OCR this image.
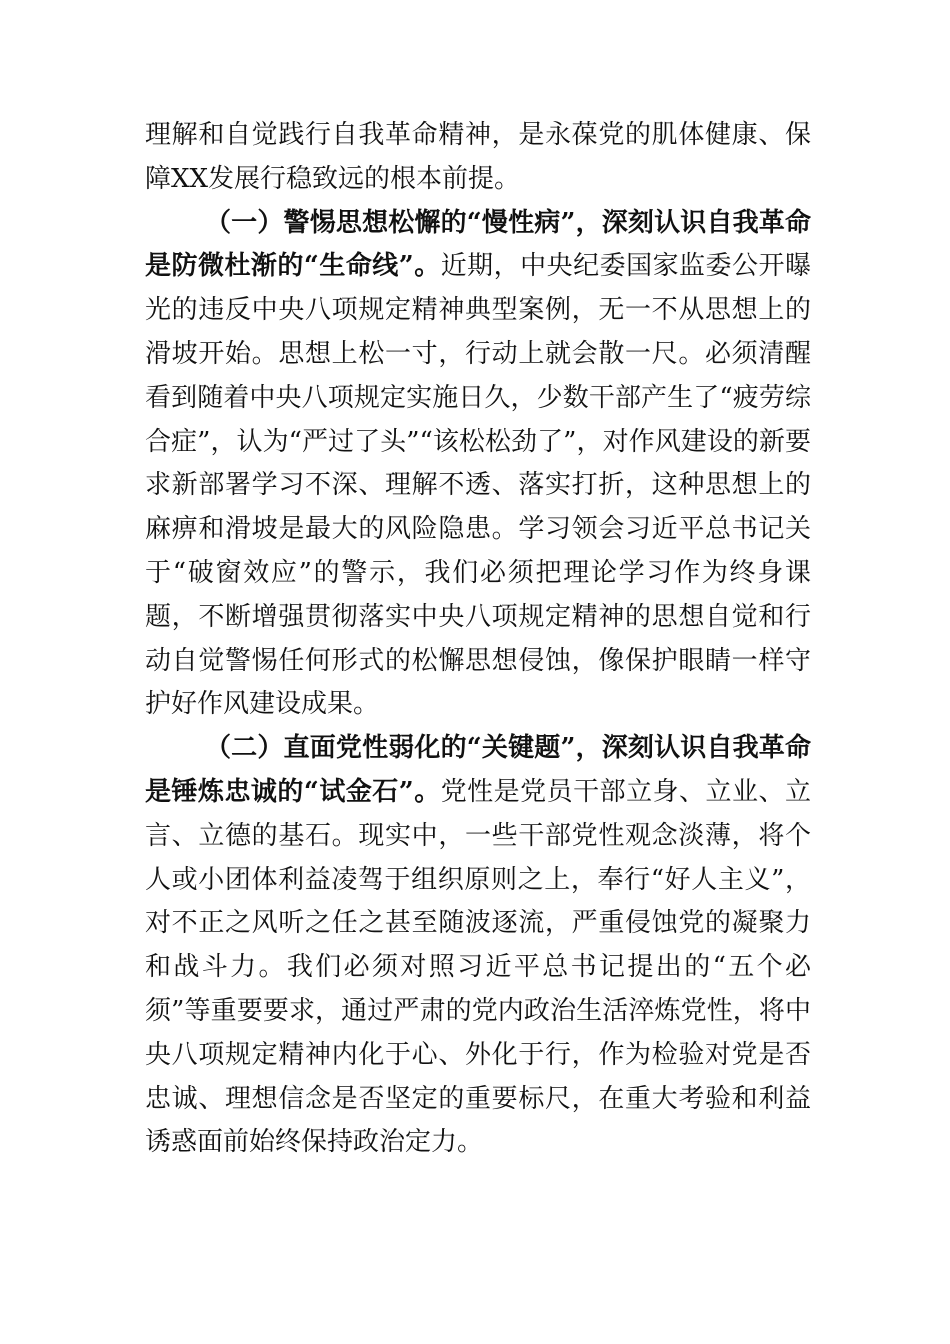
理解和自觉践行自我革命精神，是永葆党的肌体健康、保障XX发展行稳致远的根本前提。

（一）警惕思想松懈的“慢性病”，深刻认识自我革命是防微杜渐的“生命线”。近期，中央纪委国家监委公开曝光的违反中央八项规定精神典型案例，无一不从思想上的滑坡开始。思想上松一寸，行动上就会散一尺。必须清醒看到随着中央八项规定实施日久，少数干部产生了“疲劳综合症”，认为“严过了头”“该松松劲了”，对作风建设的新要求新部署学习不深、理解不透、落实打折，这种思想上的麻痹和滑坡是最大的风险隐患。学习领会习近平总书记关于“破窗效应”的警示，我们必须把理论学习作为终身课题，不断增强贯彻落实中央八项规定精神的思想自觉和行动自觉警惕任何形式的松懈思想侵蚀，像保护眼睛一样守护好作风建设成果。

（二）直面党性弱化的“关键题”，深刻认识自我革命是锤炼忠诚的“试金石”。党性是党员干部立身、立业、立言、立德的基石。现实中，一些干部党性观念淡薄，将个人或小团体利益凌驾于组织原则之上，奉行“好人主义”，对不正之风听之任之甚至随波逐流，严重侵蚀党的凝聚力和战斗力。我们必须对照习近平总书记提出的“五个必须”等重要要求，通过严肃的党内政治生活淬炼党性，将中央八项规定精神内化于心、外化于行，作为检验对党是否忠诚、理想信念是否坚定的重要标尺，在重大考验和利益诱惑面前始终保持政治定力。
